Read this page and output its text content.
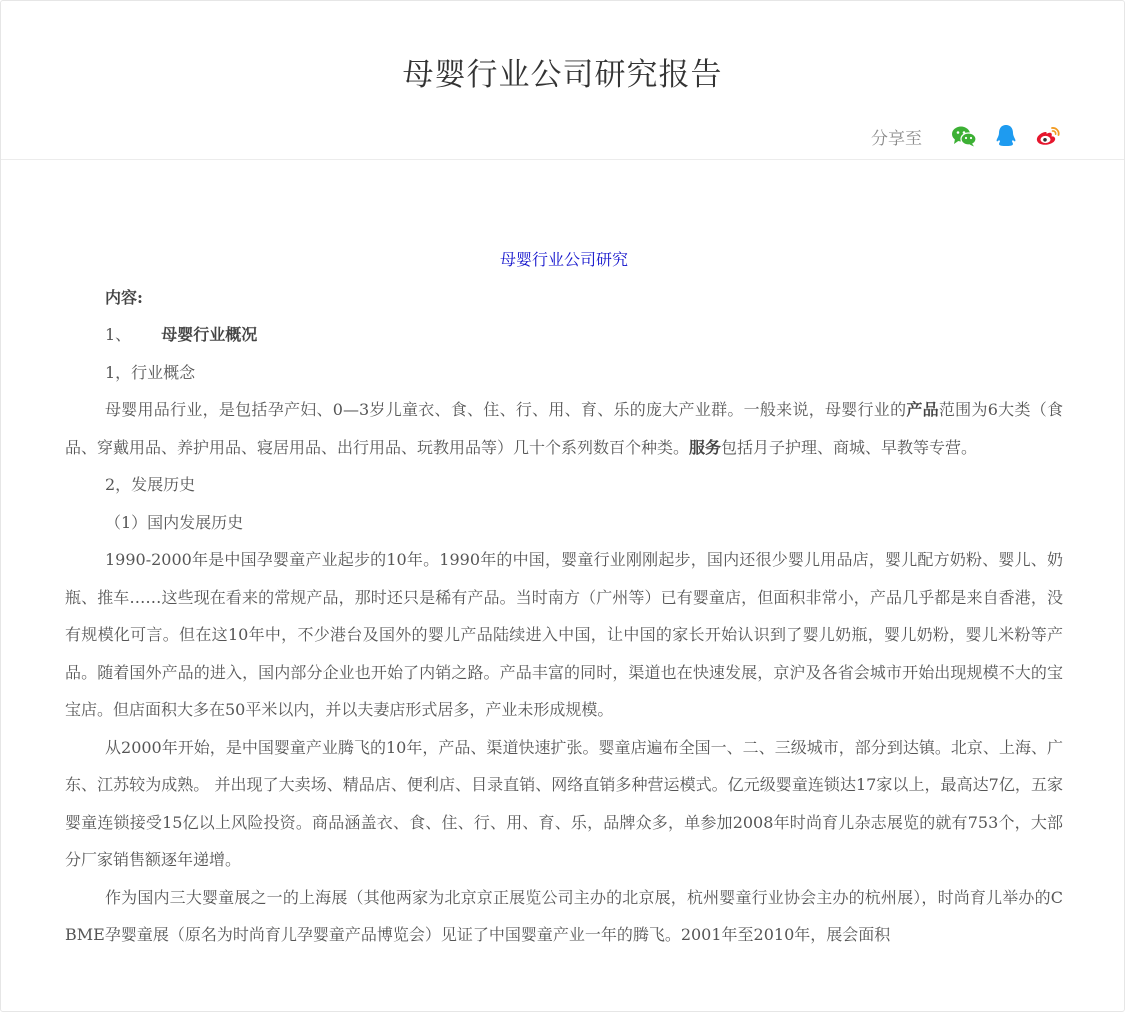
母婴行业公司研究报告
分享至

母婴行业公司研究

内容:

1、 母婴行业概况

1，行业概念

母婴用品行业，是包括孕产妇、0—3岁儿童衣、食、住、行、用、育、乐的庞大产业群。一般来说，母婴行业的产品范围为6大类（食品、穿戴用品、养护用品、寝居用品、出行用品、玩教用品等）几十个系列数百个种类。服务包括月子护理、商城、早教等专营。

2，发展历史

（1）国内发展历史

1990-2000年是中国孕婴童产业起步的10年。1990年的中国，婴童行业刚刚起步，国内还很少婴儿用品店，婴儿配方奶粉、婴儿、奶瓶、推车……这些现在看来的常规产品，那时还只是稀有产品。当时南方（广州等）已有婴童店，但面积非常小，产品几乎都是来自香港，没有规模化可言。但在这10年中，不少港台及国外的婴儿产品陆续进入中国，让中国的家长开始认识到了婴儿奶瓶，婴儿奶粉，婴儿米粉等产品。随着国外产品的进入，国内部分企业也开始了内销之路。产品丰富的同时，渠道也在快速发展，京沪及各省会城市开始出现规模不大的宝宝店。但店面积大多在50平米以内，并以夫妻店形式居多，产业未形成规模。

从2000年开始，是中国婴童产业腾飞的10年，产品、渠道快速扩张。婴童店遍布全国一、二、三级城市，部分到达镇。北京、上海、广东、江苏较为成熟。 并出现了大卖场、精品店、便利店、目录直销、网络直销多种营运模式。亿元级婴童连锁达17家以上，最高达7亿，五家婴童连锁接受15亿以上风险投资。商品涵盖衣、食、住、行、用、育、乐，品牌众多，单参加2008年时尚育儿杂志展览的就有753个，大部分厂家销售额逐年递增。

作为国内三大婴童展之一的上海展（其他两家为北京京正展览公司主办的北京展，杭州婴童行业协会主办的杭州展），时尚育儿举办的CBME孕婴童展（原名为时尚育儿孕婴童产品博览会）见证了中国婴童产业一年的腾飞。2001年至2010年，展会面积
